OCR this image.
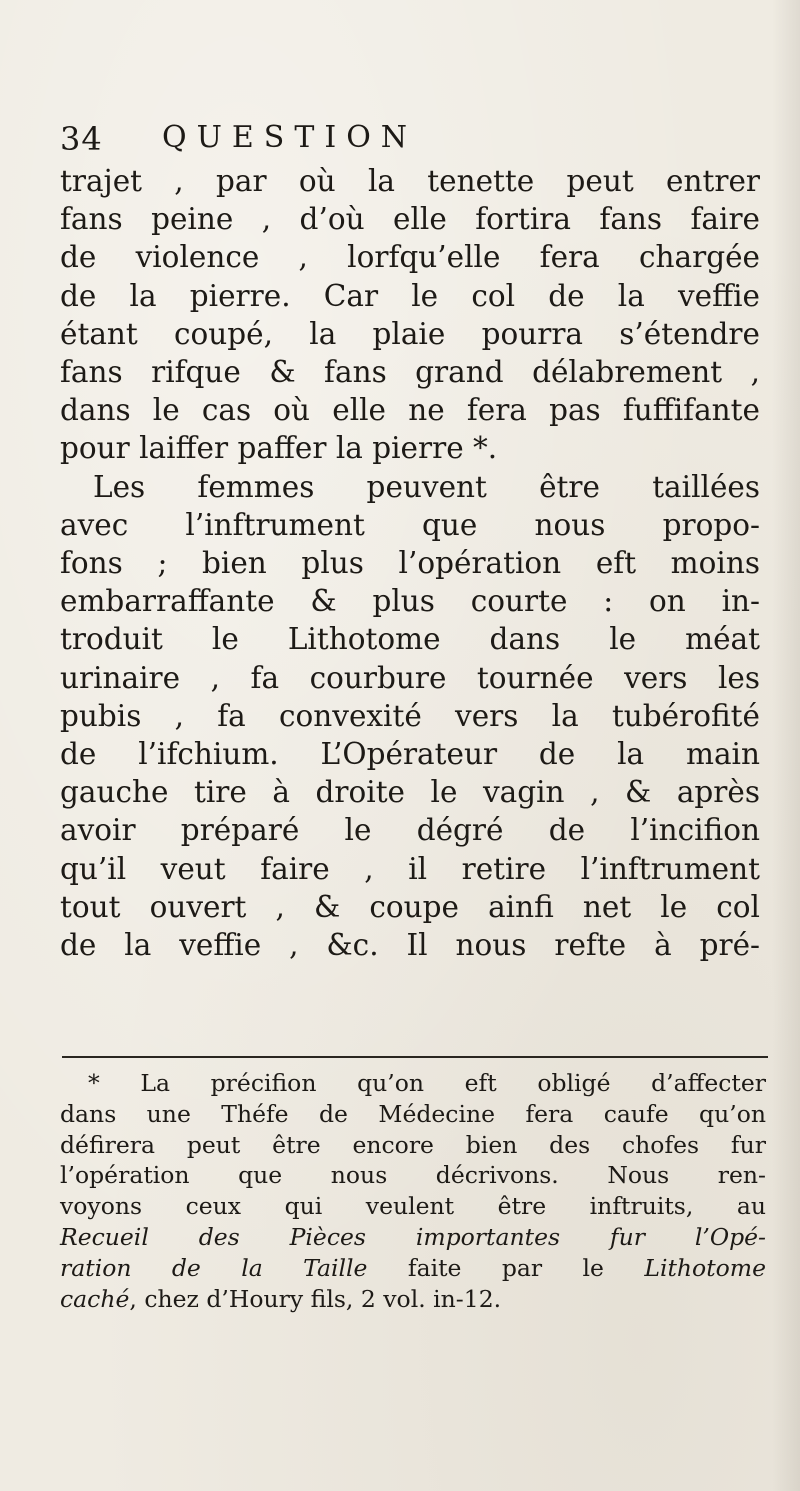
34 QUESTION
trajet , par où la tenette peut entrer
fans peine , d’où elle fortira fans faire
de violence , lorfqu’elle fera chargée
de la pierre. Car le col de la veffie
étant coupé, la plaie pourra s’étendre
fans rifque & fans grand délabrement ,
dans le cas où elle ne fera pas fuffifante
pour laiffer paffer la pierre *.
Les femmes peuvent être taillées
avec l’inftrument que nous propo-
fons ; bien plus l’opération eft moins
embarraffante & plus courte : on in-
troduit le Lithotome dans le méat
urinaire , fa courbure tournée vers les
pubis , fa convexité vers la tubérofité
de l’ifchium. L’Opérateur de la main
gauche tire à droite le vagin , & après
avoir préparé le dégré de l’incifion
qu’il veut faire , il retire l’inftrument
tout ouvert , & coupe ainfi net le col
de la veffie , &c. Il nous refte à pré-
* La précifion qu’on eft obligé d’affecter
dans une Théfe de Médecine fera caufe qu’on
défirera peut être encore bien des chofes fur
l’opération que nous décrivons. Nous ren-
voyons ceux qui veulent être inftruits, au
Recueil des Pièces importantes fur l’Opé-
ration de la Taille faite par le Lithotome
caché, chez d’Houry fils, 2 vol. in-12.
